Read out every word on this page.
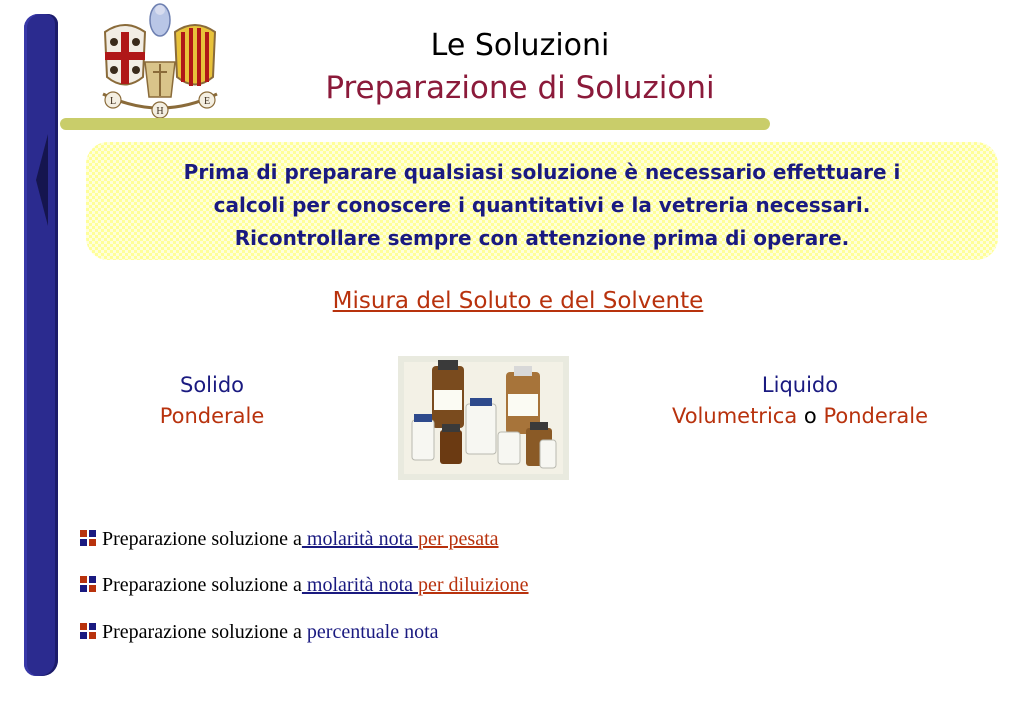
L
H
E
Le Soluzioni
Preparazione di Soluzioni
Prima di preparare qualsiasi soluzione è necessario effettuare i
calcoli per conoscere i quantitativi e la vetreria necessari.
Ricontrollare sempre con attenzione prima di operare.
Misura del Soluto e del Solvente
Solido
Ponderale
Liquido
Volumetrica o Ponderale
Preparazione soluzione a molarità nota per pesata
Preparazione soluzione a molarità nota per diluizione
Preparazione soluzione a percentuale nota
